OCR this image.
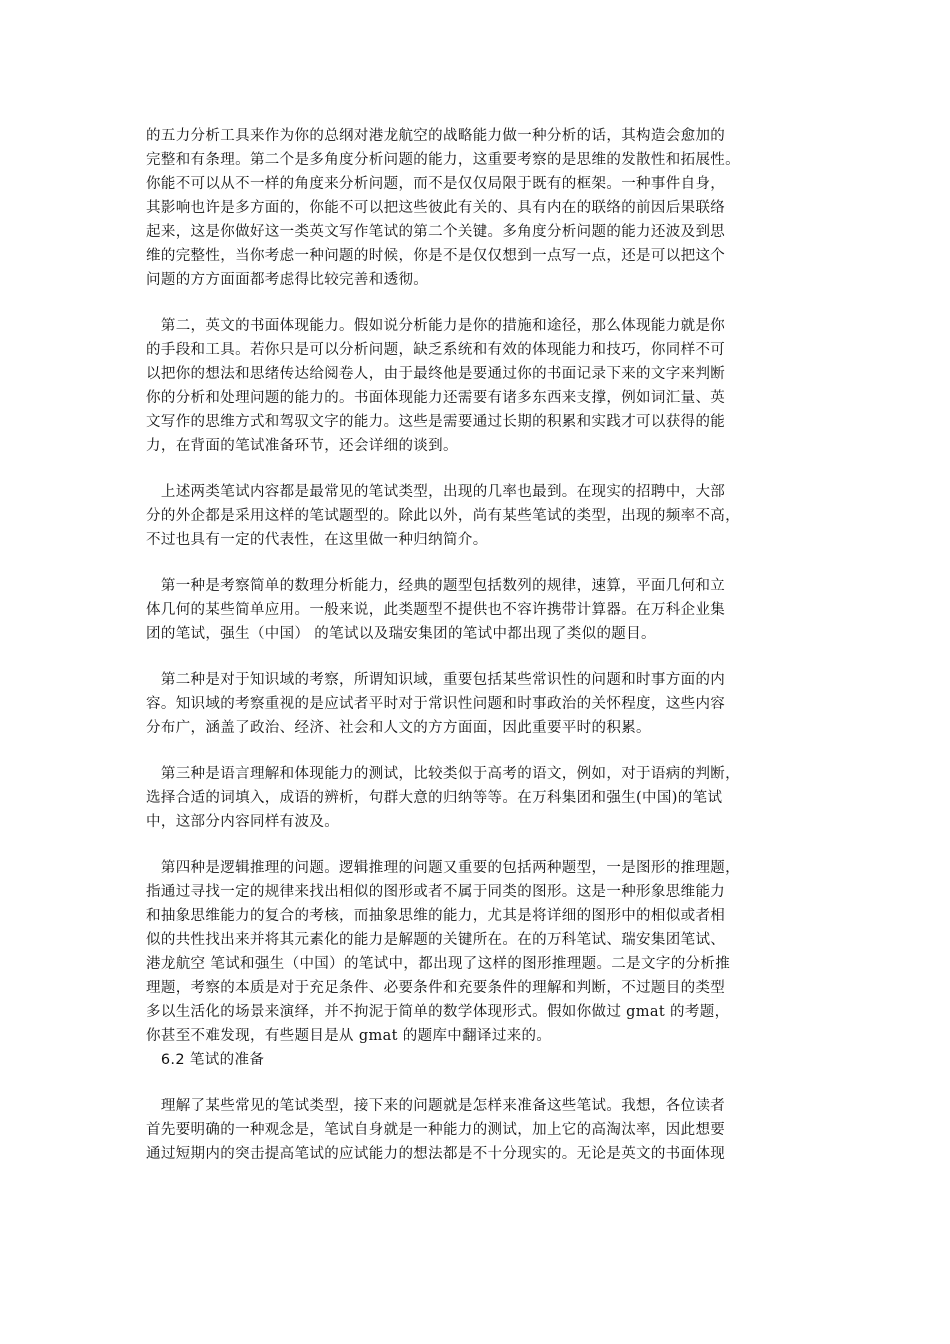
的五力分析工具来作为你的总纲对港龙航空的战略能力做一种分析的话，其构造会愈加的
完整和有条理。第二个是多角度分析问题的能力，这重要考察的是思维的发散性和拓展性。
你能不可以从不一样的角度来分析问题，而不是仅仅局限于既有的框架。一种事件自身，
其影响也许是多方面的，你能不可以把这些彼此有关的、具有内在的联络的前因后果联络
起来，这是你做好这一类英文写作笔试的第二个关键。多角度分析问题的能力还波及到思
维的完整性，当你考虑一种问题的时候，你是不是仅仅想到一点写一点，还是可以把这个
问题的方方面面都考虑得比较完善和透彻。
　第二，英文的书面体现能力。假如说分析能力是你的措施和途径，那么体现能力就是你
的手段和工具。若你只是可以分析问题，缺乏系统和有效的体现能力和技巧，你同样不可
以把你的想法和思绪传达给阅卷人，由于最终他是要通过你的书面记录下来的文字来判断
你的分析和处理问题的能力的。书面体现能力还需要有诸多东西来支撑，例如词汇量、英
文写作的思维方式和驾驭文字的能力。这些是需要通过长期的积累和实践才可以获得的能
力，在背面的笔试准备环节，还会详细的谈到。
　上述两类笔试内容都是最常见的笔试类型，出现的几率也最到。在现实的招聘中，大部
分的外企都是采用这样的笔试题型的。除此以外，尚有某些笔试的类型，出现的频率不高，
不过也具有一定的代表性，在这里做一种归纳简介。
　第一种是考察简单的数理分析能力，经典的题型包括数列的规律，速算，平面几何和立
体几何的某些简单应用。一般来说，此类题型不提供也不容许携带计算器。在万科企业集
团的笔试，强生（中国） 的笔试以及瑞安集团的笔试中都出现了类似的题目。
　第二种是对于知识域的考察，所谓知识域，重要包括某些常识性的问题和时事方面的内
容。知识域的考察重视的是应试者平时对于常识性问题和时事政治的关怀程度，这些内容
分布广，涵盖了政治、经济、社会和人文的方方面面，因此重要平时的积累。
　第三种是语言理解和体现能力的测试，比较类似于高考的语文，例如，对于语病的判断，
选择合适的词填入，成语的辨析，句群大意的归纳等等。在万科集团和强生(中国)的笔试
中，这部分内容同样有波及。
　第四种是逻辑推理的问题。逻辑推理的问题又重要的包括两种题型，一是图形的推理题，
指通过寻找一定的规律来找出相似的图形或者不属于同类的图形。这是一种形象思维能力
和抽象思维能力的复合的考核，而抽象思维的能力，尤其是将详细的图形中的相似或者相
似的共性找出来并将其元素化的能力是解题的关键所在。在的万科笔试、瑞安集团笔试、
港龙航空 笔试和强生（中国）的笔试中，都出现了这样的图形推理题。二是文字的分析推
理题，考察的本质是对于充足条件、必要条件和充要条件的理解和判断，不过题目的类型
多以生活化的场景来演绎，并不拘泥于简单的数学体现形式。假如你做过 gmat 的考题，
你甚至不难发现，有些题目是从 gmat 的题库中翻译过来的。
　6.2 笔试的准备
　理解了某些常见的笔试类型，接下来的问题就是怎样来准备这些笔试。我想，各位读者
首先要明确的一种观念是，笔试自身就是一种能力的测试，加上它的高淘汰率，因此想要
通过短期内的突击提高笔试的应试能力的想法都是不十分现实的。无论是英文的书面体现
